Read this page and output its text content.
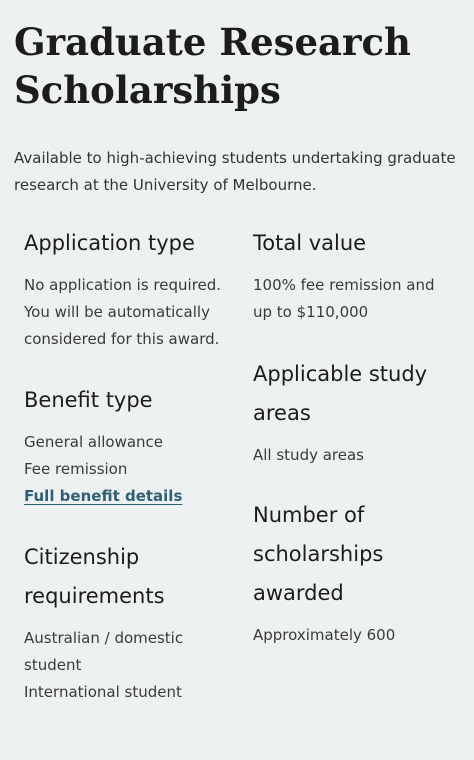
Graduate Research Scholarships

Available to high-achieving students undertaking graduate research at the University of Melbourne.

Application type
No application is required.
You will be automatically
considered for this award.
Benefit type
General allowance
Fee remission
Full benefit details
Citizenship
requirements
Australian / domestic
student
International student
Total value
100% fee remission and
up to $110,000
Applicable study
areas
All study areas
Number of
scholarships
awarded
Approximately 600
